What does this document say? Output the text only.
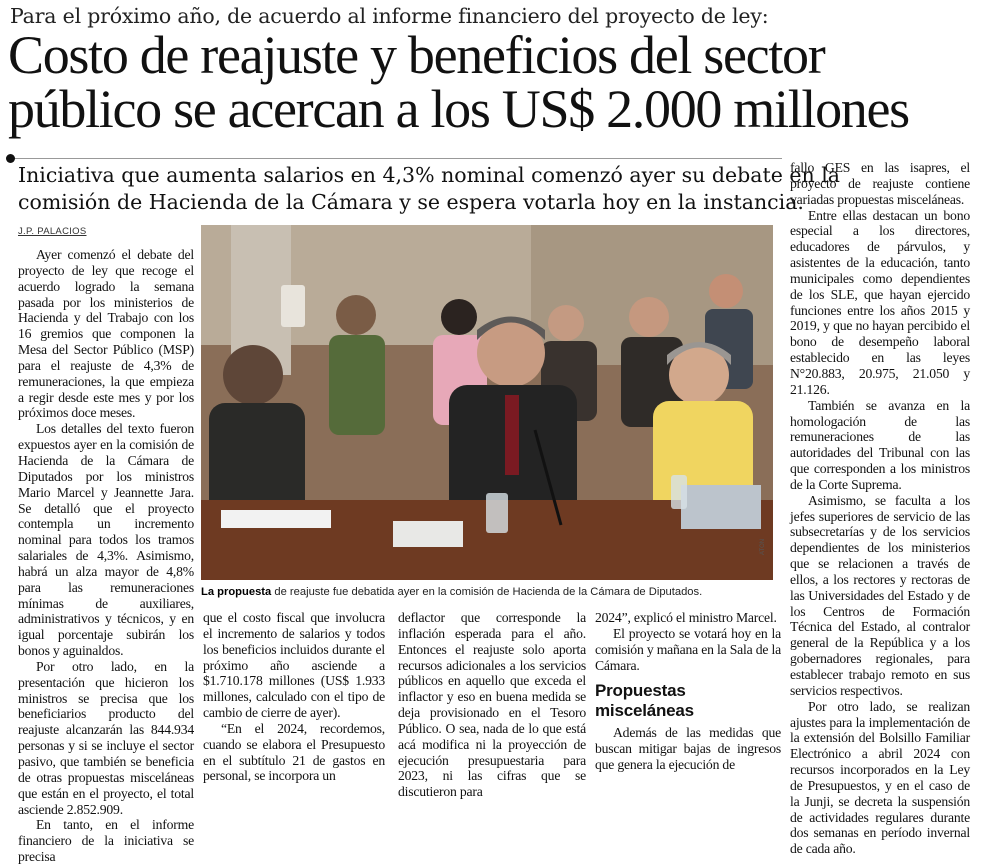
Para el próximo año, de acuerdo al informe financiero del proyecto de ley:
Costo de reajuste y beneficios del sector
público se acercan a los US$ 2.000 millones
Iniciativa que aumenta salarios en 4,3% nominal comenzó ayer su debate en la
comisión de Hacienda de la Cámara y se espera votarla hoy en la instancia.
J.P. PALACIOS

Ayer comenzó el debate del proyecto de ley que recoge el acuerdo logrado la semana pasada por los ministerios de Hacienda y del Trabajo con los 16 gremios que componen la Mesa del Sector Público (MSP) para el reajuste de 4,3% de remuneraciones, la que empieza a regir desde este mes y por los próximos doce meses.

Los detalles del texto fueron expuestos ayer en la comisión de Hacienda de la Cámara de Diputados por los ministros Mario Marcel y Jeannette Jara. Se detalló que el proyecto contempla un incremento nominal para todos los tramos salariales de 4,3%. Asimismo, habrá un alza mayor de 4,8% para las remuneraciones mínimas de auxiliares, administrativos y técnicos, y en igual porcentaje subirán los bonos y aguinaldos.

Por otro lado, en la presentación que hicieron los ministros se precisa que los beneficiarios producto del reajuste alcanzarán las 844.934 personas y si se incluye el sector pasivo, que también se beneficia de otras propuestas misceláneas que están en el proyecto, el total asciende 2.852.909.

En tanto, en el informe financiero de la iniciativa se precisa

ATON
La propuesta de reajuste fue debatida ayer en la comisión de Hacienda de la Cámara de Diputados.

que el costo fiscal que involucra el incremento de salarios y todos los beneficios incluidos durante el próximo año asciende a $1.710.178 millones (US$ 1.933 millones, calculado con el tipo de cambio de cierre de ayer).

“En el 2024, recordemos, cuando se elabora el Presupuesto en el subtítulo 21 de gastos en personal, se incorpora un

deflactor que corresponde la inflación esperada para el año. Entonces el reajuste solo aporta recursos adicionales a los servicios públicos en aquello que exceda el inflactor y eso en buena medida se deja provisionado en el Tesoro Público. O sea, nada de lo que está acá modifica ni la proyección de ejecución presupuestaria para 2023, ni las cifras que se discutieron para

2024”, explicó el ministro Marcel.

El proyecto se votará hoy en la comisión y mañana en la Sala de la Cámara.

Propuestas misceláneas

Además de las medidas que buscan mitigar bajas de ingresos que genera la ejecución de

fallo GES en las isapres, el proyecto de reajuste contiene variadas propuestas misceláneas.

Entre ellas destacan un bono especial a los directores, educadores de párvulos, y asistentes de la educación, tanto municipales como dependientes de los SLE, que hayan ejercido funciones entre los años 2015 y 2019, y que no hayan percibido el bono de desempeño laboral establecido en las leyes N°20.883, 20.975, 21.050 y 21.126.

También se avanza en la homologación de las remuneraciones de las autoridades del Tribunal con las que corresponden a los ministros de la Corte Suprema.

Asimismo, se faculta a los jefes superiores de servicio de las subsecretarías y de los servicios dependientes de los ministerios que se relacionen a través de ellos, a los rectores y rectoras de las Universidades del Estado y de los Centros de Formación Técnica del Estado, al contralor general de la República y a los gobernadores regionales, para establecer trabajo remoto en sus servicios respectivos.

Por otro lado, se realizan ajustes para la implementación de la extensión del Bolsillo Familiar Electrónico a abril 2024 con recursos incorporados en la Ley de Presupuestos, y en el caso de la Junji, se decreta la suspensión de actividades regulares durante dos semanas en período invernal de cada año.
